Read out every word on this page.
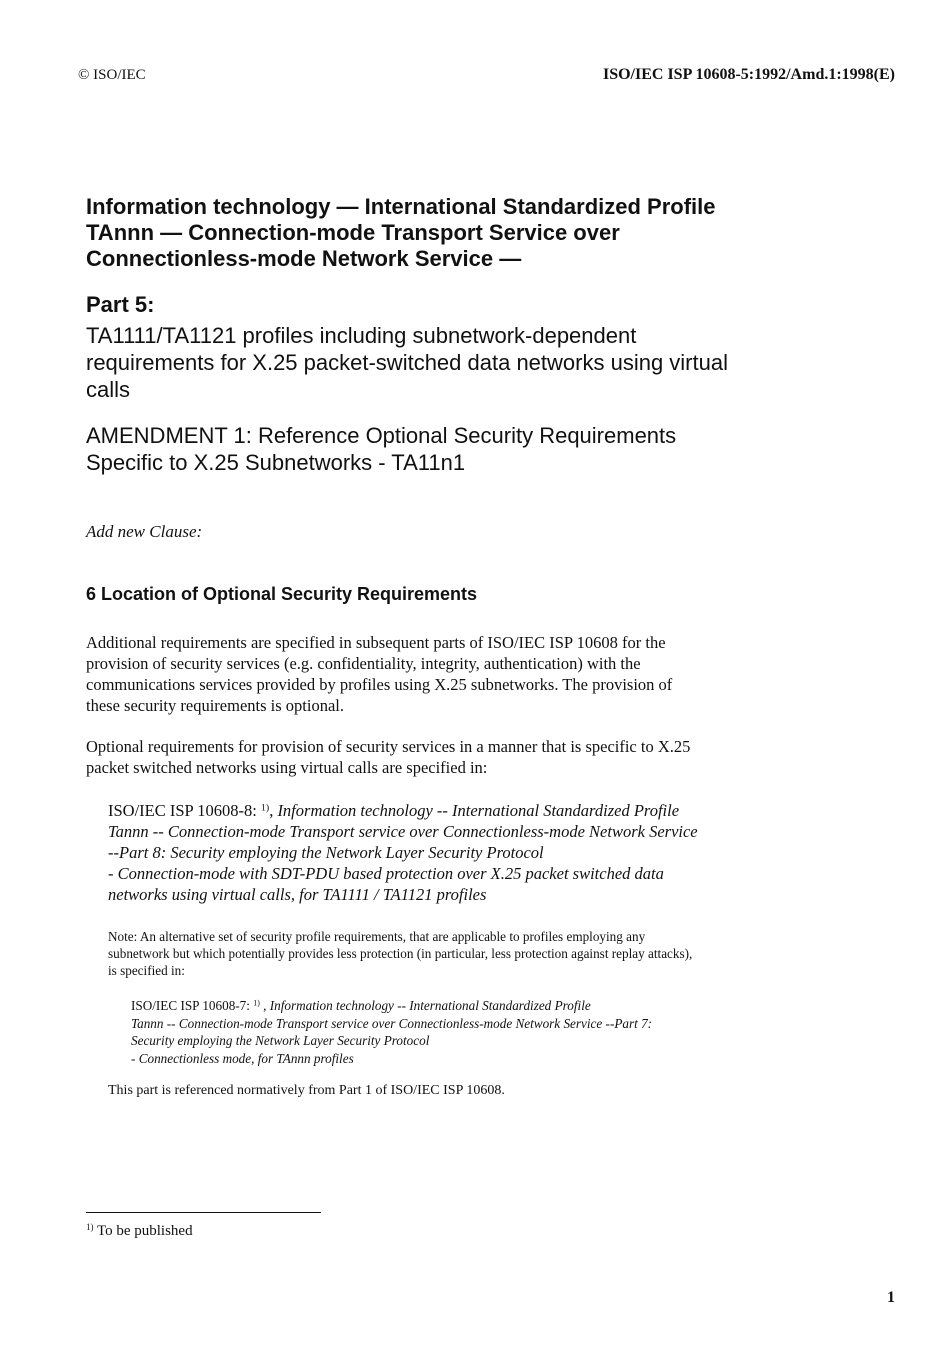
© ISO/IEC	ISO/IEC ISP 10608-5:1992/Amd.1:1998(E)
Information technology — International Standardized Profile
TAnnn — Connection-mode Transport Service over
Connectionless-mode Network Service —
Part 5:
TA1111/TA1121 profiles including subnetwork-dependent
requirements for X.25 packet-switched data networks using virtual
calls
AMENDMENT 1: Reference Optional Security Requirements
Specific to X.25 Subnetworks - TA11n1
Add new Clause:
6 Location of Optional Security Requirements
Additional requirements are specified in subsequent parts of ISO/IEC ISP 10608 for the
provision of security services (e.g. confidentiality, integrity, authentication) with the
communications services provided by profiles using X.25 subnetworks. The provision of
these security requirements is optional.
Optional requirements for provision of security services in a manner that is specific to X.25
packet switched networks using virtual calls are specified in:
ISO/IEC ISP 10608-8: $^{1)}$, Information technology -- International Standardized Profile
Tannn -- Connection-mode Transport service over Connectionless-mode Network Service
--Part 8: Security employing the Network Layer Security Protocol
- Connection-mode with SDT-PDU based protection over X.25 packet switched data
networks using virtual calls, for TA1111 / TA1121 profiles
Note: An alternative set of security profile requirements, that are applicable to profiles employing any
subnetwork but which potentially provides less protection (in particular, less protection against replay attacks),
is specified in:
ISO/IEC ISP 10608-7: $^{1)}$ , Information technology -- International Standardized Profile
Tannn -- Connection-mode Transport service over Connectionless-mode Network Service --Part 7:
Security employing the Network Layer Security Protocol
- Connectionless mode, for TAnnn profiles
This part is referenced normatively from Part 1 of ISO/IEC ISP 10608.
$^{1)}$ To be published
1
